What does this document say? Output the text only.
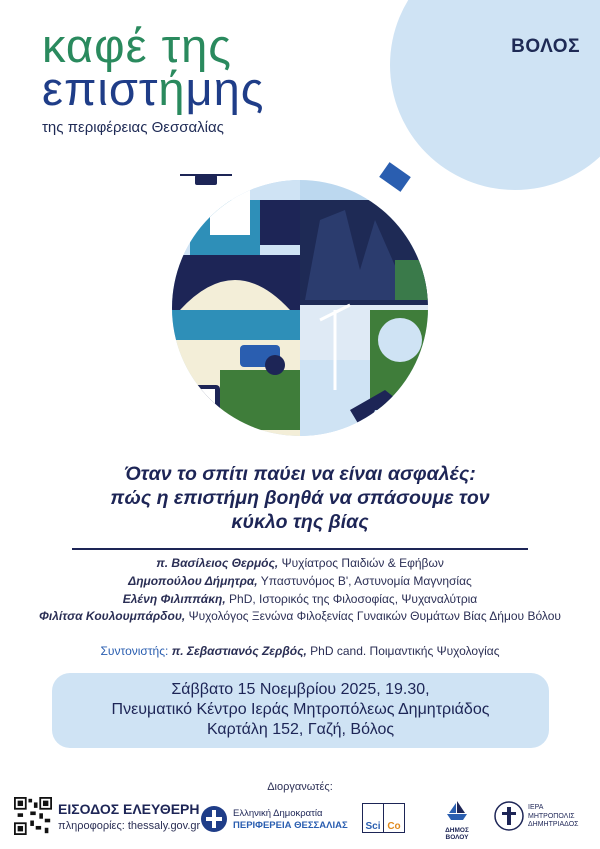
ΒΟΛΟΣ
καφέ της
επιστήμης
της περιφέρειας Θεσσαλίας
Όταν το σπίτι παύει να είναι ασφαλές:
πώς η επιστήμη βοηθά να σπάσουμε τον
κύκλο της βίας
π. Βασίλειος Θερμός, Ψυχίατρος Παιδιών & Εφήβων
Δημοπούλου Δήμητρα, Υπαστυνόμος Β', Αστυνομία Μαγνησίας
Ελένη Φιλιππάκη, PhD, Ιστορικός της Φιλοσοφίας, Ψυχαναλύτρια
Φιλίτσα Κουλουμπάρδου, Ψυχολόγος Ξενώνα Φιλοξενίας Γυναικών Θυμάτων Βίας Δήμου Βόλου
Συντονιστής: π. Σεβαστιανός Ζερβός, PhD cand. Ποιμαντικής Ψυχολογίας
Σάββατο 15 Νοεμβρίου 2025, 19.30,
Πνευματικό Κέντρο Ιεράς Μητροπόλεως Δημητριάδος
Καρτάλη 152, Γαζή, Βόλος
Διοργανωτές:
ΕΙΣΟΔΟΣ ΕΛΕΥΘΕΡΗ
πληροφορίες: thessaly.gov.gr
Ελληνική Δημοκρατία
ΠΕΡΙΦΕΡΕΙΑ ΘΕΣΣΑΛΙΑΣ	Sci Co	ΔΗΜΟΣ ΒΟΛΟΥ
ΙΕΡΑ
ΜΗΤΡΟΠΟΛΙΣ
ΔΗΜΗΤΡΙΑΔΟΣ
